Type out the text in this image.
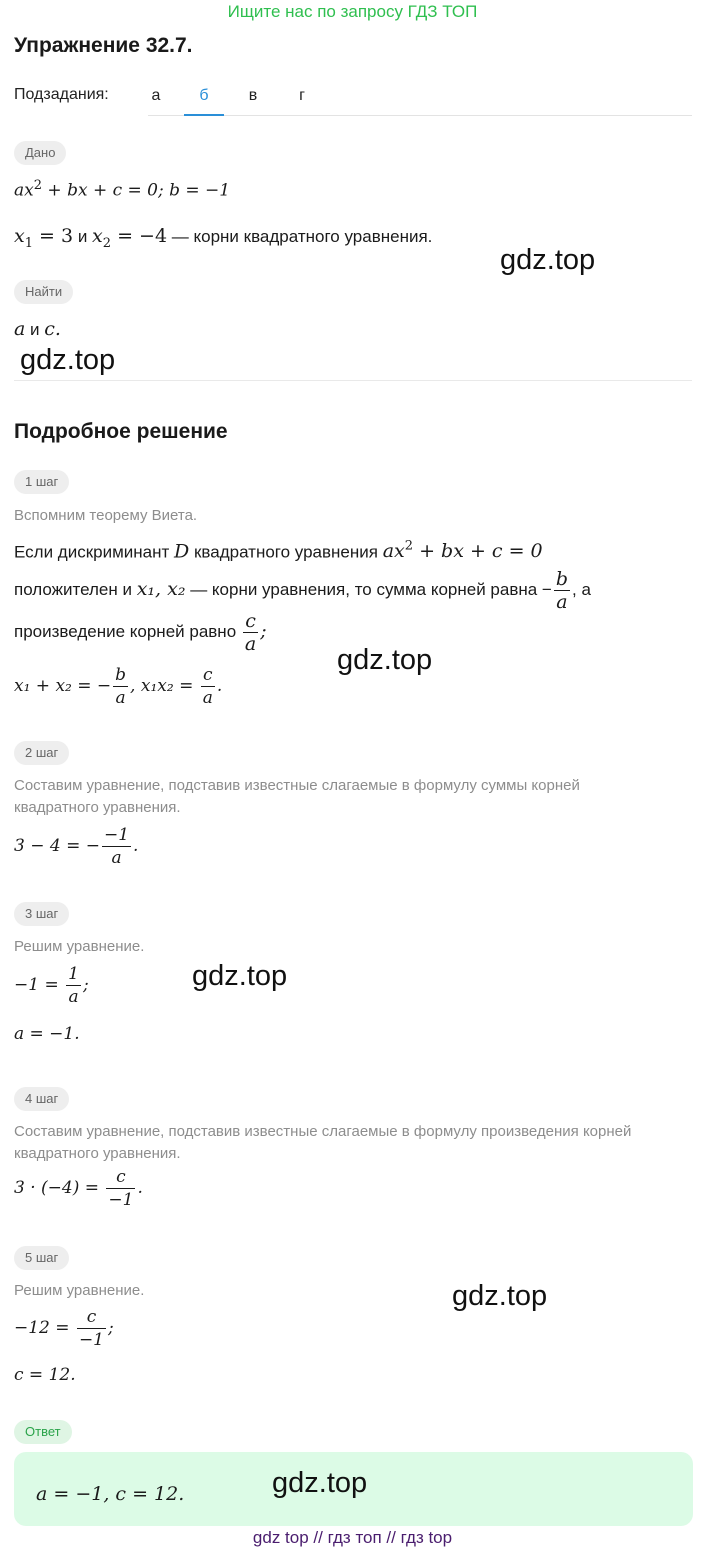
Ищите нас по запросу ГДЗ ТОП
Упражнение 32.7.
Подзадания:	а	б	в	г
Дано
$ax^2$ + bx + c = 0; b = −1
$x_1 = 3$ и $x_2 = -4$ — корни квадратного уравнения.
Найти
a и c.
Подробное решение
1 шаг
Вспомним теорему Виета.
Если дискриминант D квадратного уравнения $ax^2$ + bx + c = 0
положителен и x₁, x₂ — корни уравнения, то сумма корней равна − $\frac{b}{a}$ , а
произведение корней равно $\frac{c}{a}$ ;
x₁ + x₂ = − $\frac{b}{a}$ , $x_1x_2 = \frac{c}{a}$ .
2 шаг
Составим уравнение, подставив известные слагаемые в формулу суммы корней квадратного уравнения.
3 − 4 = − $\frac{-1}{a}$ .
3 шаг
Решим уравнение.
$-1 = \frac{1}{a}$ ;
a = −1.
4 шаг
Составим уравнение, подставив известные слагаемые в формулу произведения корней квадратного уравнения.
$3 \cdot (-4) = \frac{c}{-1}$ .
5 шаг
Решим уравнение.
$-12 = \frac{c}{-1}$ ;
c = 12.
Ответ
a = −1, c = 12.
gdz.top
gdz.top
gdz.top
gdz.top
gdz.top
gdz.top
gdz top // гдз топ // гдз top
